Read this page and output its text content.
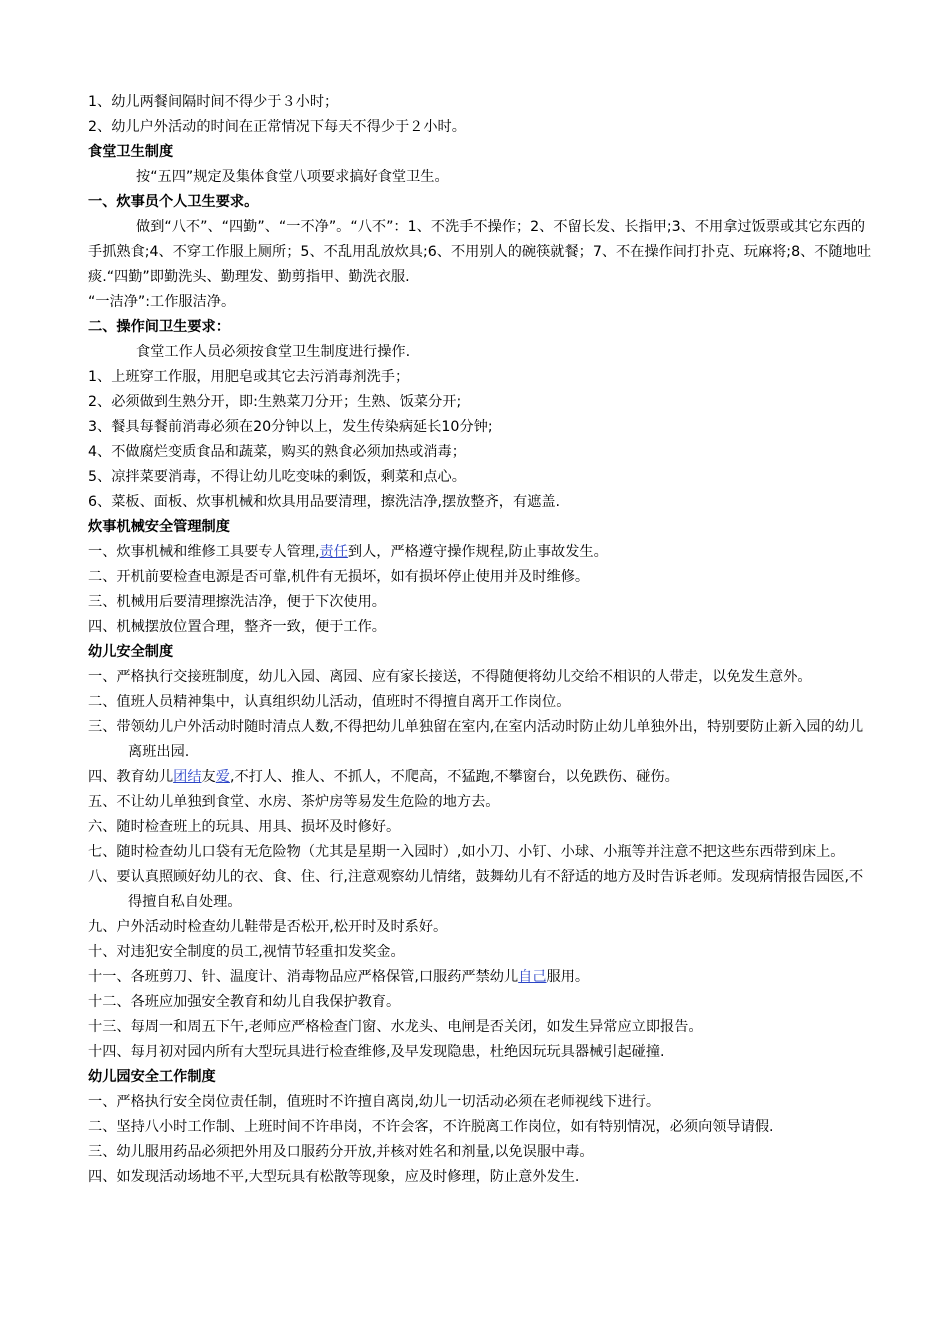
1、幼儿两餐间隔时间不得少于３小时；

2、幼儿户外活动的时间在正常情况下每天不得少于２小时。

食堂卫生制度

按“五四”规定及集体食堂八项要求搞好食堂卫生。

一、炊事员个人卫生要求。

做到“八不”、“四勤”、“一不净”。“八不”：1、不洗手不操作；2、不留长发、长指甲;3、不用拿过饭票或其它东西的手抓熟食;4、不穿工作服上厕所；5、不乱用乱放炊具;6、不用别人的碗筷就餐；7、不在操作间打扑克、玩麻将;8、不随地吐痰.“四勤”即勤洗头、勤理发、勤剪指甲、勤洗衣服.

“一洁净”:工作服洁净。

二、操作间卫生要求：

食堂工作人员必须按食堂卫生制度进行操作.

1、上班穿工作服，用肥皂或其它去污消毒剂洗手；

2、必须做到生熟分开，即:生熟菜刀分开；生熟、饭菜分开;

3、餐具每餐前消毒必须在20分钟以上，发生传染病延长10分钟;

4、不做腐烂变质食品和蔬菜，购买的熟食必须加热或消毒；

5、凉拌菜要消毒，不得让幼儿吃变味的剩饭，剩菜和点心。

6、菜板、面板、炊事机械和炊具用品要清理，擦洗洁净,摆放整齐，有遮盖.

炊事机械安全管理制度

一、炊事机械和维修工具要专人管理,责任到人，严格遵守操作规程,防止事故发生。

二、开机前要检查电源是否可靠,机件有无损坏，如有损坏停止使用并及时维修。

三、机械用后要清理擦洗洁净，便于下次使用。

四、机械摆放位置合理，整齐一致，便于工作。

幼儿安全制度

一、严格执行交接班制度，幼儿入园、离园、应有家长接送，不得随便将幼儿交给不相识的人带走，以免发生意外。

二、值班人员精神集中，认真组织幼儿活动，值班时不得擅自离开工作岗位。

三、带领幼儿户外活动时随时清点人数,不得把幼儿单独留在室内,在室内活动时防止幼儿单独外出，特别要防止新入园的幼儿离班出园.

四、教育幼儿团结友爱,不打人、推人、不抓人，不爬高，不猛跑,不攀窗台，以免跌伤、碰伤。

五、不让幼儿单独到食堂、水房、茶炉房等易发生危险的地方去。

六、随时检查班上的玩具、用具、损坏及时修好。

七、随时检查幼儿口袋有无危险物（尤其是星期一入园时）,如小刀、小钉、小球、小瓶等并注意不把这些东西带到床上。

八、要认真照顾好幼儿的衣、食、住、行,注意观察幼儿情绪，鼓舞幼儿有不舒适的地方及时告诉老师。发现病情报告园医,不得擅自私自处理。

九、户外活动时检查幼儿鞋带是否松开,松开时及时系好。

十、对违犯安全制度的员工,视情节轻重扣发奖金。

十一、各班剪刀、针、温度计、消毒物品应严格保管,口服药严禁幼儿自己服用。

十二、各班应加强安全教育和幼儿自我保护教育。

十三、每周一和周五下午,老师应严格检查门窗、水龙头、电闸是否关闭，如发生异常应立即报告。

十四、每月初对园内所有大型玩具进行检查维修,及早发现隐患，杜绝因玩玩具器械引起碰撞.

幼儿园安全工作制度

一、严格执行安全岗位责任制，值班时不许擅自离岗,幼儿一切活动必须在老师视线下进行。

二、坚持八小时工作制、上班时间不许串岗，不许会客，不许脱离工作岗位，如有特别情况，必须向领导请假.

三、幼儿服用药品必须把外用及口服药分开放,并核对姓名和剂量,以免误服中毒。

四、如发现活动场地不平,大型玩具有松散等现象，应及时修理，防止意外发生.
